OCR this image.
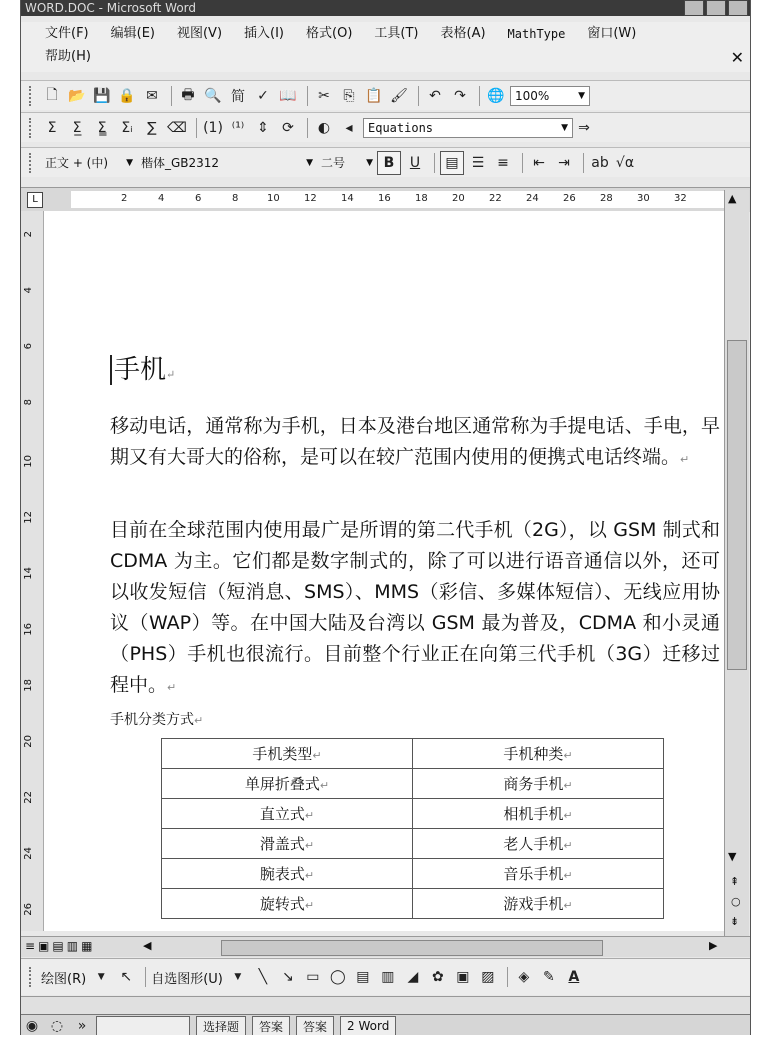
WORD.DOC - Microsoft Word
文件(F) 编辑(E) 视图(V) 插入(I) 格式(O) 工具(T) 表格(A) MathType 窗口(W)
帮助(H)	✕
🗋 📂 💾 🔒 ✉	🖶 🔍 简 ✓ 📖	✂ ⎘ 📋 🖌	↶ ↷	🌐 100%	▼
Σ	Σ̲	Σ̳	Σᵢ	∑ ⌫ (1) ⁽¹⁾ ⇕ ⟳	◐	◂	Equations	▼ ⇒
正文 + (中) ▼ 楷体_GB2312	▼ 二号 ▼ B	U	▤ ☰ ≡	⇤ ⇥	ab √α
L	2	4	6	8	10 12 14 16 18 20 22 24 26 28 30 32
2
4
6
8
10
12
14
16
18
20
22
24
26
手机↵
移动电话，通常称为手机，日本及港台地区通常称为手提电话、手电，早期又有大哥大的俗称，是可以在较广范围内使用的便携式电话终端。↵
目前在全球范围内使用最广是所谓的第二代手机（2G），以 GSM 制式和 CDMA 为主。它们都是数字制式的，除了可以进行语音通信以外，还可以收发短信（短消息、SMS）、MMS（彩信、多媒体短信）、无线应用协议（WAP）等。在中国大陆及台湾以 GSM 最为普及，CDMA 和小灵通（PHS）手机也很流行。目前整个行业正在向第三代手机（3G）迁移过程中。↵
手机分类方式↵
手机类型↵	手机种类↵
单屏折叠式↵	商务手机↵
直立式↵	相机手机↵
滑盖式↵	老人手机↵
腕表式↵	音乐手机↵
旋转式↵	游戏手机↵
▲
▼
⇞
○
⇟
≡▣▤▥▦	◀	▶
绘图(R)	▼	↖	自选图形(U)	▼	╲	↘ ▭ ◯ ▤ ▥ ◢ ✿ ▣ ▨	◈ ✎ A
◉ ◌	»	选择题 答案 答案 2 Word
